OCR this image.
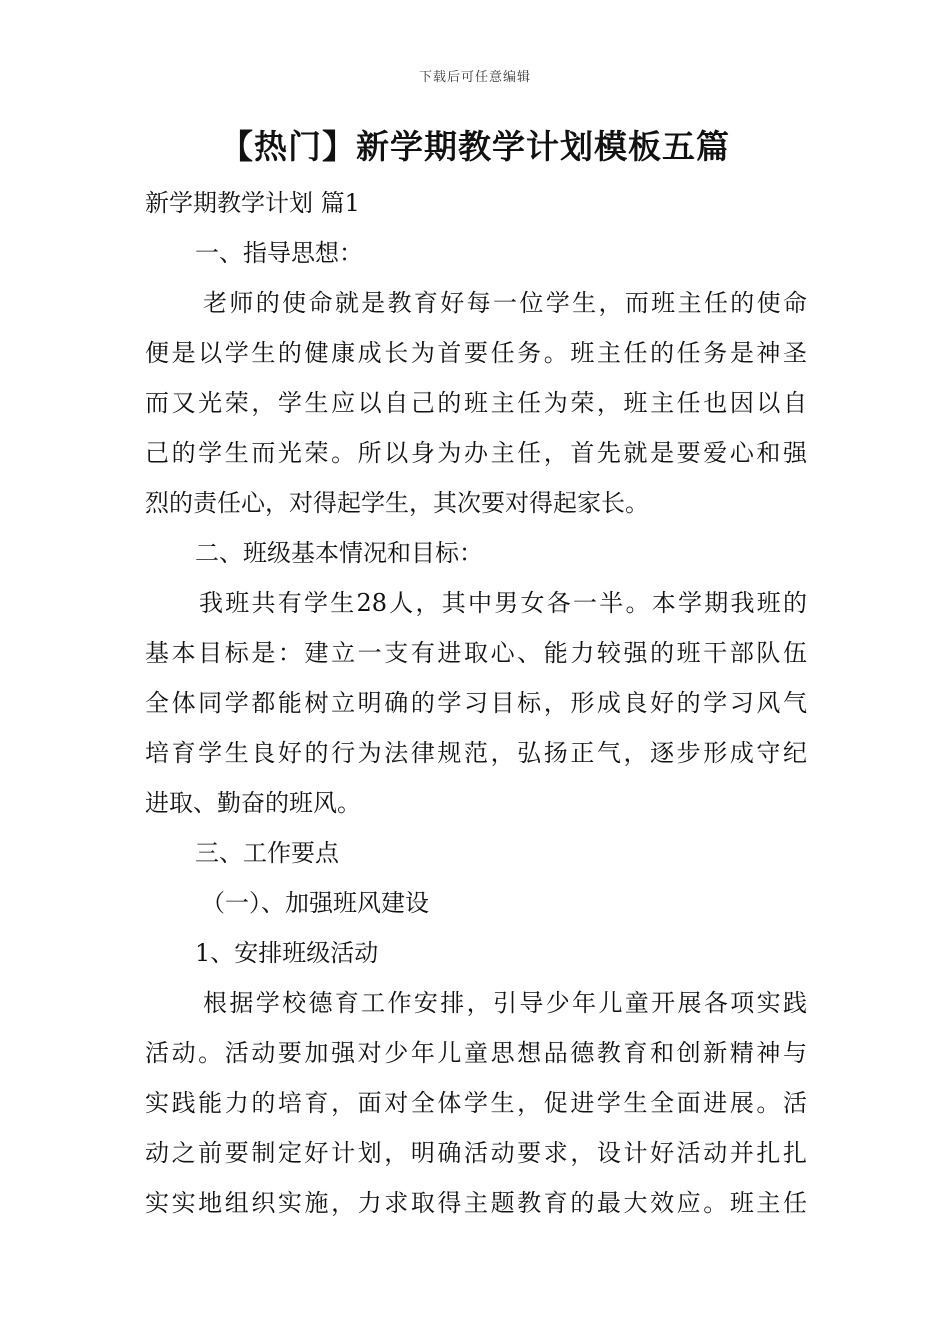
下载后可任意编辑
【热门】新学期教学计划模板五篇
新学期教学计划 篇1
一、指导思想：
老师的使命就是教育好每一位学生，而班主任的使命
便是以学生的健康成长为首要任务。班主任的任务是神圣
而又光荣，学生应以自己的班主任为荣，班主任也因以自
己的学生而光荣。所以身为办主任，首先就是要爱心和强
烈的责任心，对得起学生，其次要对得起家长。
二、班级基本情况和目标：
我班共有学生28人，其中男女各一半。本学期我班的
基本目标是：建立一支有进取心、能力较强的班干部队伍
全体同学都能树立明确的学习目标，形成良好的学习风气
培育学生良好的行为法律规范，弘扬正气，逐步形成守纪
进取、勤奋的班风。
三、工作要点
（一）、加强班风建设
1、安排班级活动
根据学校德育工作安排，引导少年儿童开展各项实践
活动。活动要加强对少年儿童思想品德教育和创新精神与
实践能力的培育，面对全体学生，促进学生全面进展。活
动之前要制定好计划，明确活动要求，设计好活动并扎扎
实实地组织实施，力求取得主题教育的最大效应。班主任
